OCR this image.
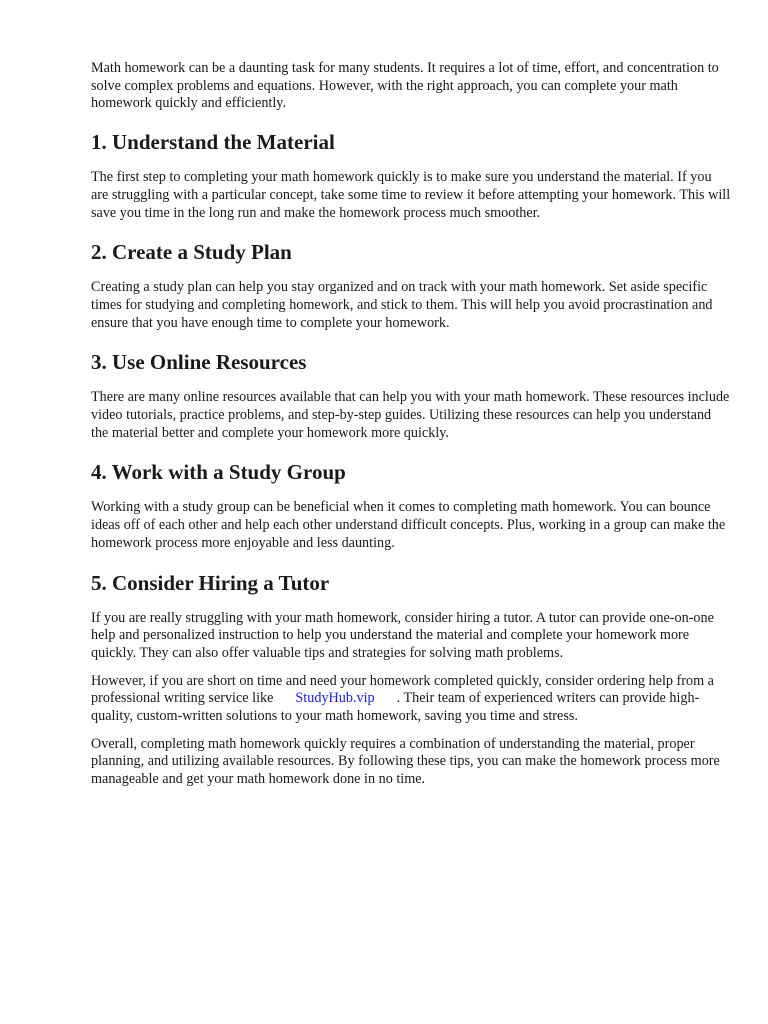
Math homework can be a daunting task for many students. It requires a lot of time, effort, and concentration to solve complex problems and equations. However, with the right approach, you can complete your math homework quickly and efficiently.

1. Understand the Material

The first step to completing your math homework quickly is to make sure you understand the material. If you are struggling with a particular concept, take some time to review it before attempting your homework. This will save you time in the long run and make the homework process much smoother.

2. Create a Study Plan

Creating a study plan can help you stay organized and on track with your math homework. Set aside specific times for studying and completing homework, and stick to them. This will help you avoid procrastination and ensure that you have enough time to complete your homework.

3. Use Online Resources

There are many online resources available that can help you with your math homework. These resources include video tutorials, practice problems, and step-by-step guides. Utilizing these resources can help you understand the material better and complete your homework more quickly.

4. Work with a Study Group

Working with a study group can be beneficial when it comes to completing math homework. You can bounce ideas off of each other and help each other understand difficult concepts. Plus, working in a group can make the homework process more enjoyable and less daunting.

5. Consider Hiring a Tutor

If you are really struggling with your math homework, consider hiring a tutor. A tutor can provide one-on-one help and personalized instruction to help you understand the material and complete your homework more quickly. They can also offer valuable tips and strategies for solving math problems.

However, if you are short on time and need your homework completed quickly, consider ordering help from a professional writing service like StudyHub.vip . Their team of experienced writers can provide high-quality, custom-written solutions to your math homework, saving you time and stress.

Overall, completing math homework quickly requires a combination of understanding the material, proper planning, and utilizing available resources. By following these tips, you can make the homework process more manageable and get your math homework done in no time.
